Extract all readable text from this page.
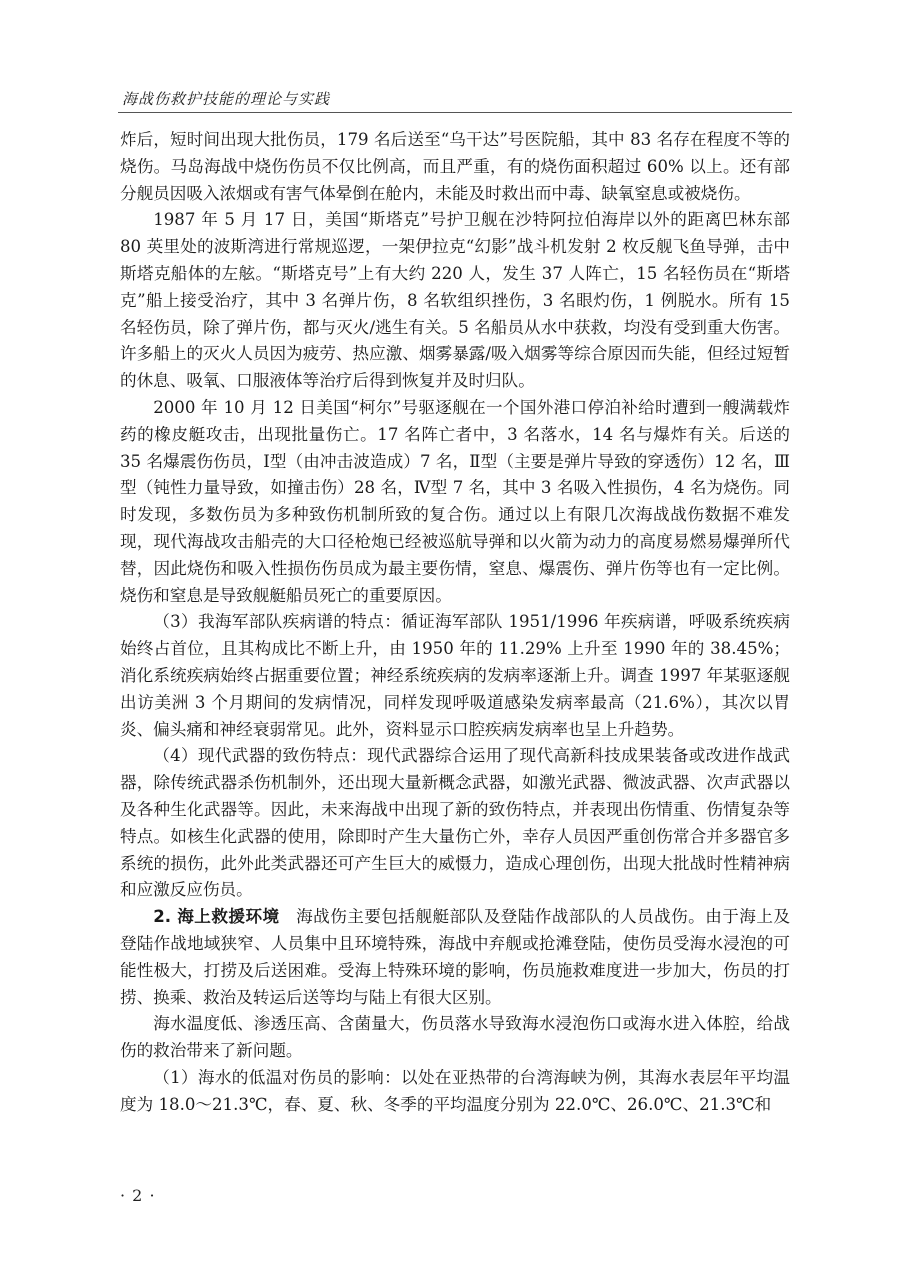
海战伤救护技能的理论与实践

炸后，短时间出现大批伤员，179 名后送至“乌干达”号医院船，其中 83 名存在程度不等的烧伤。马岛海战中烧伤伤员不仅比例高，而且严重，有的烧伤面积超过 60% 以上。还有部分舰员因吸入浓烟或有害气体晕倒在舱内，未能及时救出而中毒、缺氧窒息或被烧伤。

1987 年 5 月 17 日，美国“斯塔克”号护卫舰在沙特阿拉伯海岸以外的距离巴林东部 80 英里处的波斯湾进行常规巡逻，一架伊拉克“幻影”战斗机发射 2 枚反舰飞鱼导弹，击中斯塔克船体的左舷。“斯塔克号”上有大约 220 人，发生 37 人阵亡，15 名轻伤员在“斯塔克”船上接受治疗，其中 3 名弹片伤，8 名软组织挫伤，3 名眼灼伤，1 例脱水。所有 15 名轻伤员，除了弹片伤，都与灭火/逃生有关。5 名船员从水中获救，均没有受到重大伤害。许多船上的灭火人员因为疲劳、热应激、烟雾暴露/吸入烟雾等综合原因而失能，但经过短暂的休息、吸氧、口服液体等治疗后得到恢复并及时归队。

2000 年 10 月 12 日美国“柯尔”号驱逐舰在一个国外港口停泊补给时遭到一艘满载炸药的橡皮艇攻击，出现批量伤亡。17 名阵亡者中，3 名落水，14 名与爆炸有关。后送的 35 名爆震伤伤员，Ⅰ型（由冲击波造成）7 名，Ⅱ型（主要是弹片导致的穿透伤）12 名，Ⅲ型（钝性力量导致，如撞击伤）28 名，Ⅳ型 7 名，其中 3 名吸入性损伤，4 名为烧伤。同时发现，多数伤员为多种致伤机制所致的复合伤。通过以上有限几次海战战伤数据不难发现，现代海战攻击船壳的大口径枪炮已经被巡航导弹和以火箭为动力的高度易燃易爆弹所代替，因此烧伤和吸入性损伤伤员成为最主要伤情，窒息、爆震伤、弹片伤等也有一定比例。烧伤和窒息是导致舰艇船员死亡的重要原因。

（3）我海军部队疾病谱的特点：循证海军部队 1951/1996 年疾病谱，呼吸系统疾病始终占首位，且其构成比不断上升，由 1950 年的 11.29% 上升至 1990 年的 38.45%；消化系统疾病始终占据重要位置；神经系统疾病的发病率逐渐上升。调查 1997 年某驱逐舰出访美洲 3 个月期间的发病情况，同样发现呼吸道感染发病率最高（21.6%），其次以胃炎、偏头痛和神经衰弱常见。此外，资料显示口腔疾病发病率也呈上升趋势。

（4）现代武器的致伤特点：现代武器综合运用了现代高新科技成果装备或改进作战武器，除传统武器杀伤机制外，还出现大量新概念武器，如激光武器、微波武器、次声武器以及各种生化武器等。因此，未来海战中出现了新的致伤特点，并表现出伤情重、伤情复杂等特点。如核生化武器的使用，除即时产生大量伤亡外，幸存人员因严重创伤常合并多器官多系统的损伤，此外此类武器还可产生巨大的威慑力，造成心理创伤，出现大批战时性精神病和应激反应伤员。

2. 海上救援环境 海战伤主要包括舰艇部队及登陆作战部队的人员战伤。由于海上及登陆作战地域狭窄、人员集中且环境特殊，海战中弃舰或抢滩登陆，使伤员受海水浸泡的可能性极大，打捞及后送困难。受海上特殊环境的影响，伤员施救难度进一步加大，伤员的打捞、换乘、救治及转运后送等均与陆上有很大区别。

海水温度低、渗透压高、含菌量大，伤员落水导致海水浸泡伤口或海水进入体腔，给战伤的救治带来了新问题。

（1）海水的低温对伤员的影响：以处在亚热带的台湾海峡为例，其海水表层年平均温度为 18.0～21.3℃，春、夏、秋、冬季的平均温度分别为 22.0℃、26.0℃、21.3℃和

· 2 ·
